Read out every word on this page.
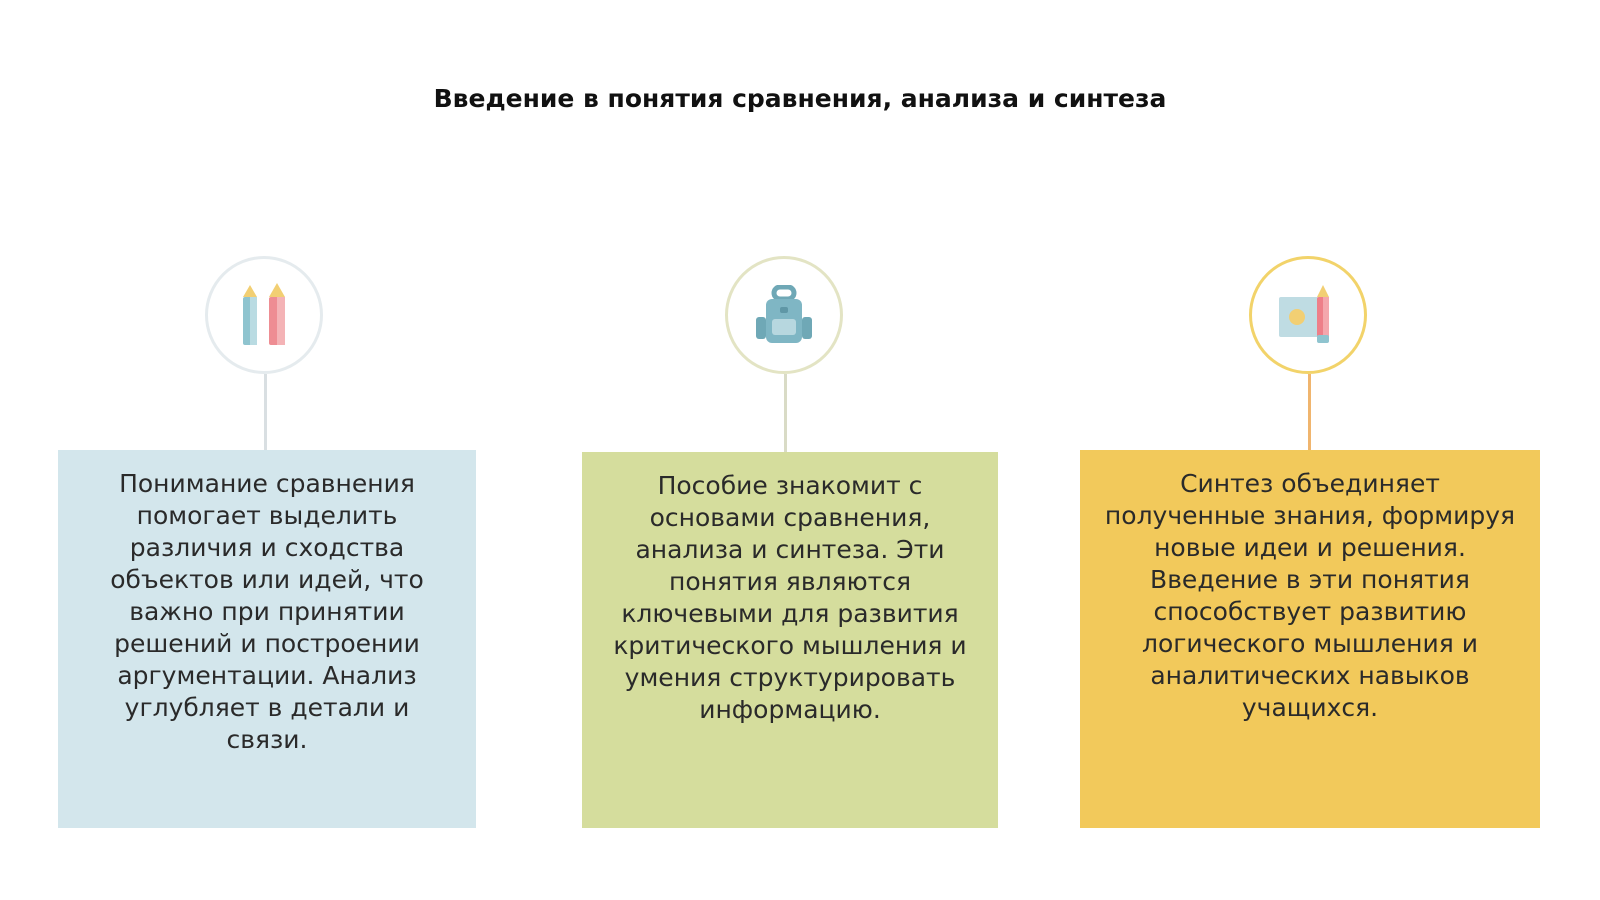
Введение в понятия сравнения, анализа и синтеза

Понимание сравнения помогает выделить различия и сходства объектов или идей, что важно при принятии решений и построении аргументации. Анализ углубляет в детали и связи.

Пособие знакомит с основами сравнения, анализа и синтеза. Эти понятия являются ключевыми для развития критического мышления и умения структурировать информацию.

Синтез объединяет полученные знания, формируя новые идеи и решения. Введение в эти понятия способствует развитию логического мышления и аналитических навыков учащихся.
